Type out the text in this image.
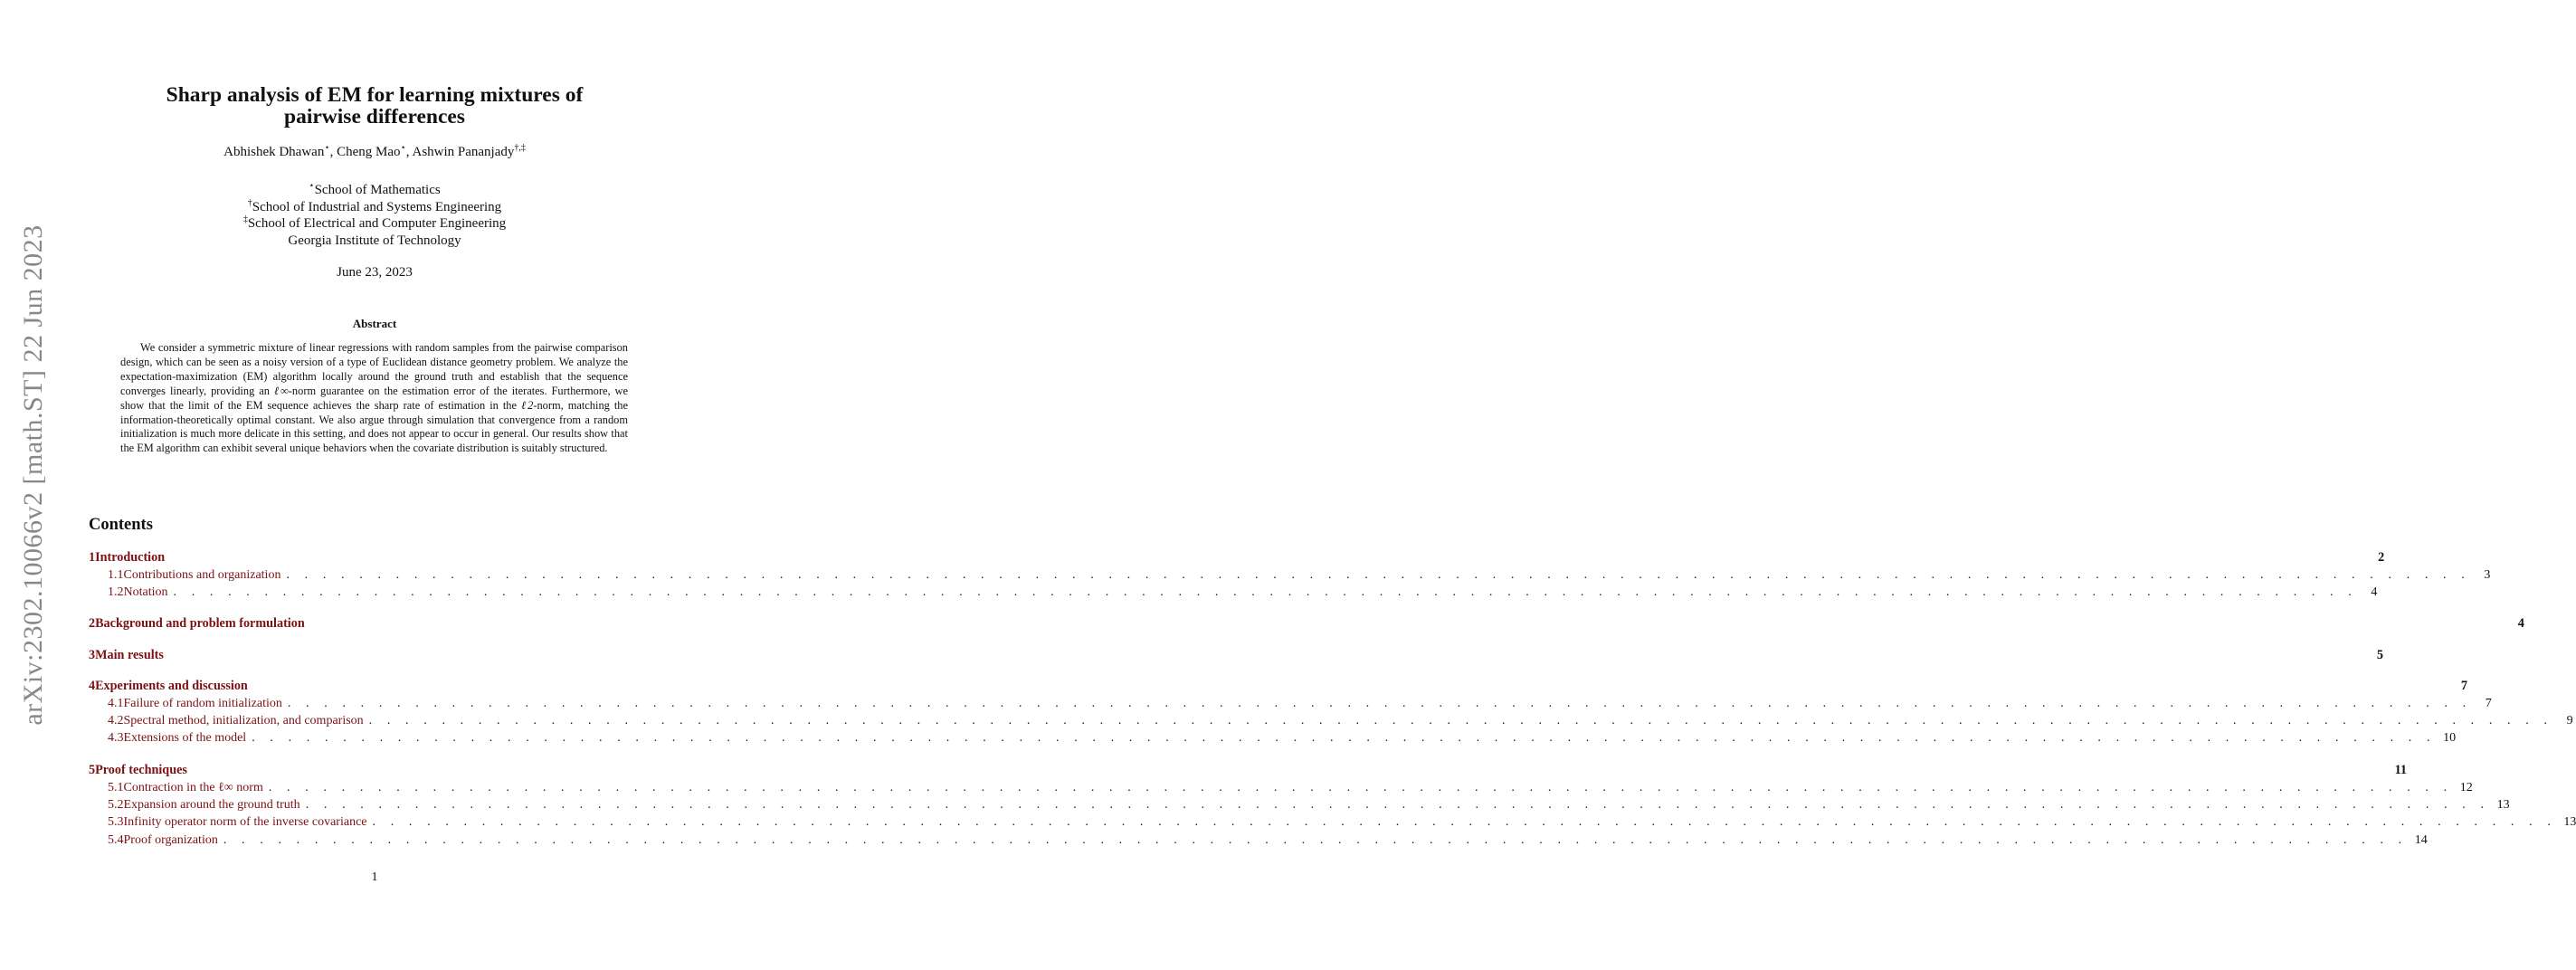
arXiv:2302.10066v2 [math.ST] 22 Jun 2023
Sharp analysis of EM for learning mixtures of
pairwise differences
Abhishek Dhawan⋆, Cheng Mao⋆, Ashwin Pananjady†,‡
⋆School of Mathematics
†School of Industrial and Systems Engineering
‡School of Electrical and Computer Engineering
Georgia Institute of Technology
June 23, 2023
Abstract
We consider a symmetric mixture of linear regressions with random samples from the pairwise comparison design, which can be seen as a noisy version of a type of Euclidean distance geometry problem. We analyze the expectation-maximization (EM) algorithm locally around the ground truth and establish that the sequence converges linearly, providing an ℓ∞-norm guarantee on the estimation error of the iterates. Furthermore, we show that the limit of the EM sequence achieves the sharp rate of estimation in the ℓ2-norm, matching the information-theoretically optimal constant. We also argue through simulation that convergence from a random initialization is much more delicate in this setting, and does not appear to occur in general. Our results show that the EM algorithm can exhibit several unique behaviors when the covariate distribution is suitably structured.
Contents
1 Introduction	2
1.1 Contributions and organization . . . . . . . . . . . . . . . . . . . . . . . . . . . . . . . . . . . . . . . . . . . . . . . . . . . . . . . . . . . . . . . . . . . . . . . . . . . . . . . . . . . . . . . . . . . . . . . . . . . . . . . . . . . . . . . . . . . . . . . .	3
1.2 Notation . . . . . . . . . . . . . . . . . . . . . . . . . . . . . . . . . . . . . . . . . . . . . . . . . . . . . . . . . . . . . . . . . . . . . . . . . . . . . . . . . . . . . . . . . . . . . . . . . . . . . . . . . . . . . . . . . . . . . . . .	4
2 Background and problem formulation	4
3 Main results	5
4 Experiments and discussion	7
4.1 Failure of random initialization . . . . . . . . . . . . . . . . . . . . . . . . . . . . . . . . . . . . . . . . . . . . . . . . . . . . . . . . . . . . . . . . . . . . . . . . . . . . . . . . . . . . . . . . . . . . . . . . . . . . . . . . . . . . . . . . . . . . . . . .	7
4.2 Spectral method, initialization, and comparison . . . . . . . . . . . . . . . . . . . . . . . . . . . . . . . . . . . . . . . . . . . . . . . . . . . . . . . . . . . . . . . . . . . . . . . . . . . . . . . . . . . . . . . . . . . . . . . . . . . . . . . . . . . . . . . . . . . . . . . .	9
4.3 Extensions of the model . . . . . . . . . . . . . . . . . . . . . . . . . . . . . . . . . . . . . . . . . . . . . . . . . . . . . . . . . . . . . . . . . . . . . . . . . . . . . . . . . . . . . . . . . . . . . . . . . . . . . . . . . . . . . . . . . . . . . . . . 10
5 Proof techniques	11
5.1 Contraction in the ℓ∞ norm . . . . . . . . . . . . . . . . . . . . . . . . . . . . . . . . . . . . . . . . . . . . . . . . . . . . . . . . . . . . . . . . . . . . . . . . . . . . . . . . . . . . . . . . . . . . . . . . . . . . . . . . . . . . . . . . . . . . . . . . 12
5.2 Expansion around the ground truth . . . . . . . . . . . . . . . . . . . . . . . . . . . . . . . . . . . . . . . . . . . . . . . . . . . . . . . . . . . . . . . . . . . . . . . . . . . . . . . . . . . . . . . . . . . . . . . . . . . . . . . . . . . . . . . . . . . . . . . . 13
5.3 Infinity operator norm of the inverse covariance . . . . . . . . . . . . . . . . . . . . . . . . . . . . . . . . . . . . . . . . . . . . . . . . . . . . . . . . . . . . . . . . . . . . . . . . . . . . . . . . . . . . . . . . . . . . . . . . . . . . . . . . . . . . . . . . . . . . . . . . 13
5.4 Proof organization . . . . . . . . . . . . . . . . . . . . . . . . . . . . . . . . . . . . . . . . . . . . . . . . . . . . . . . . . . . . . . . . . . . . . . . . . . . . . . . . . . . . . . . . . . . . . . . . . . . . . . . . . . . . . . . . . . . . . . . . 14
1
